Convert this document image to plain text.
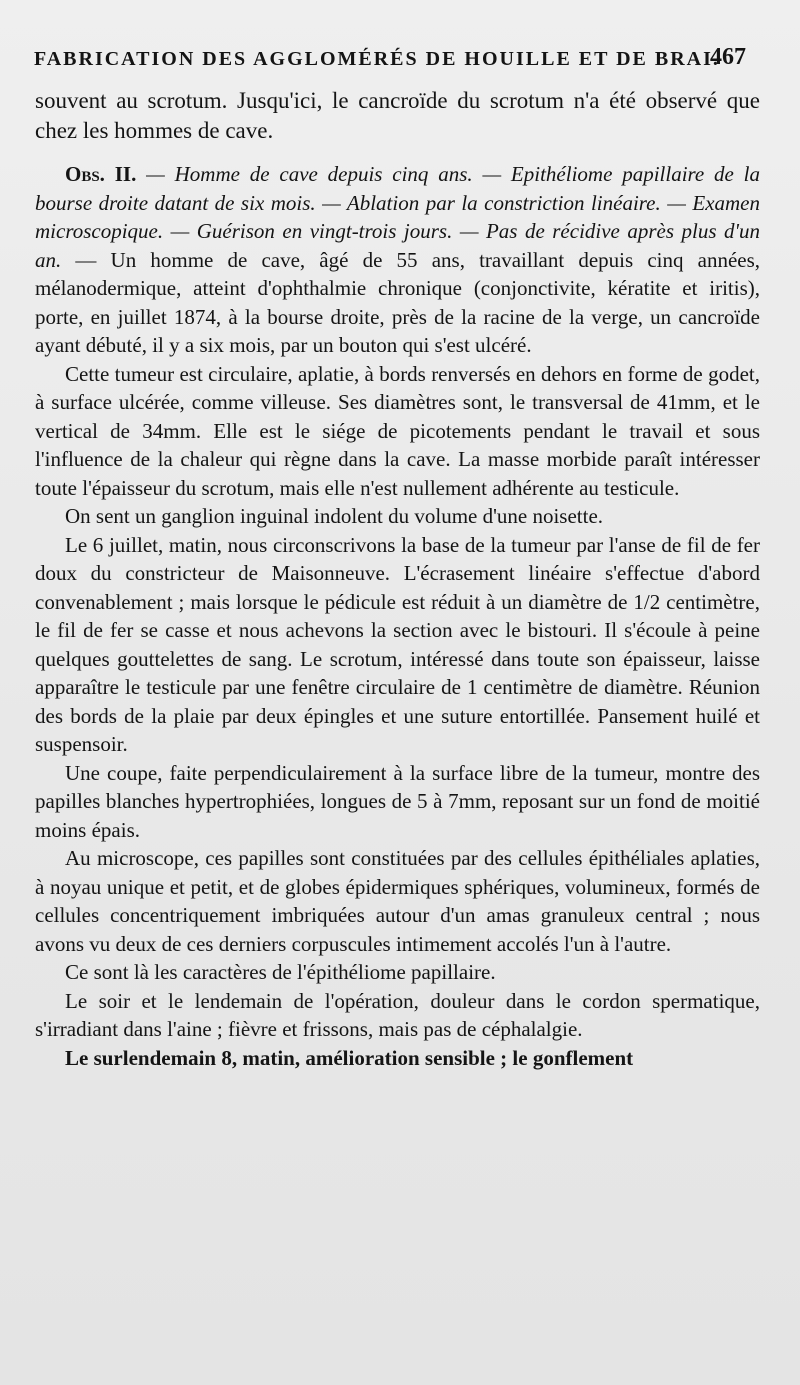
FABRICATION DES AGGLOMÉRÉS DE HOUILLE ET DE BRAI.
467

souvent au scrotum. Jusqu'ici, le cancroïde du scrotum n'a été observé que chez les hommes de cave.

Obs. II. — Homme de cave depuis cinq ans. — Epithéliome papillaire de la bourse droite datant de six mois. — Ablation par la constriction linéaire. — Examen microscopique. — Guérison en vingt-trois jours. — Pas de récidive après plus d'un an. — Un homme de cave, âgé de 55 ans, travaillant depuis cinq années, mélanodermique, atteint d'ophthalmie chronique (conjonctivite, kératite et iritis), porte, en juillet 1874, à la bourse droite, près de la racine de la verge, un cancroïde ayant débuté, il y a six mois, par un bouton qui s'est ulcéré.

Cette tumeur est circulaire, aplatie, à bords renversés en dehors en forme de godet, à surface ulcérée, comme villeuse. Ses diamètres sont, le transversal de 41mm, et le vertical de 34mm. Elle est le siége de picotements pendant le travail et sous l'influence de la chaleur qui règne dans la cave. La masse morbide paraît intéresser toute l'épaisseur du scrotum, mais elle n'est nullement adhérente au testicule.

On sent un ganglion inguinal indolent du volume d'une noisette.

Le 6 juillet, matin, nous circonscrivons la base de la tumeur par l'anse de fil de fer doux du constricteur de Maisonneuve. L'écrasement linéaire s'effectue d'abord convenablement ; mais lorsque le pédicule est réduit à un diamètre de 1/2 centimètre, le fil de fer se casse et nous achevons la section avec le bistouri. Il s'écoule à peine quelques gouttelettes de sang. Le scrotum, intéressé dans toute son épaisseur, laisse apparaître le testicule par une fenêtre circulaire de 1 centimètre de diamètre. Réunion des bords de la plaie par deux épingles et une suture entortillée. Pansement huilé et suspensoir.

Une coupe, faite perpendiculairement à la surface libre de la tumeur, montre des papilles blanches hypertrophiées, longues de 5 à 7mm, reposant sur un fond de moitié moins épais.

Au microscope, ces papilles sont constituées par des cellules épithéliales aplaties, à noyau unique et petit, et de globes épidermiques sphériques, volumineux, formés de cellules concentriquement imbriquées autour d'un amas granuleux central ; nous avons vu deux de ces derniers corpuscules intimement accolés l'un à l'autre.

Ce sont là les caractères de l'épithéliome papillaire.

Le soir et le lendemain de l'opération, douleur dans le cordon spermatique, s'irradiant dans l'aine ; fièvre et frissons, mais pas de céphalalgie.

Le surlendemain 8, matin, amélioration sensible ; le gonflement
